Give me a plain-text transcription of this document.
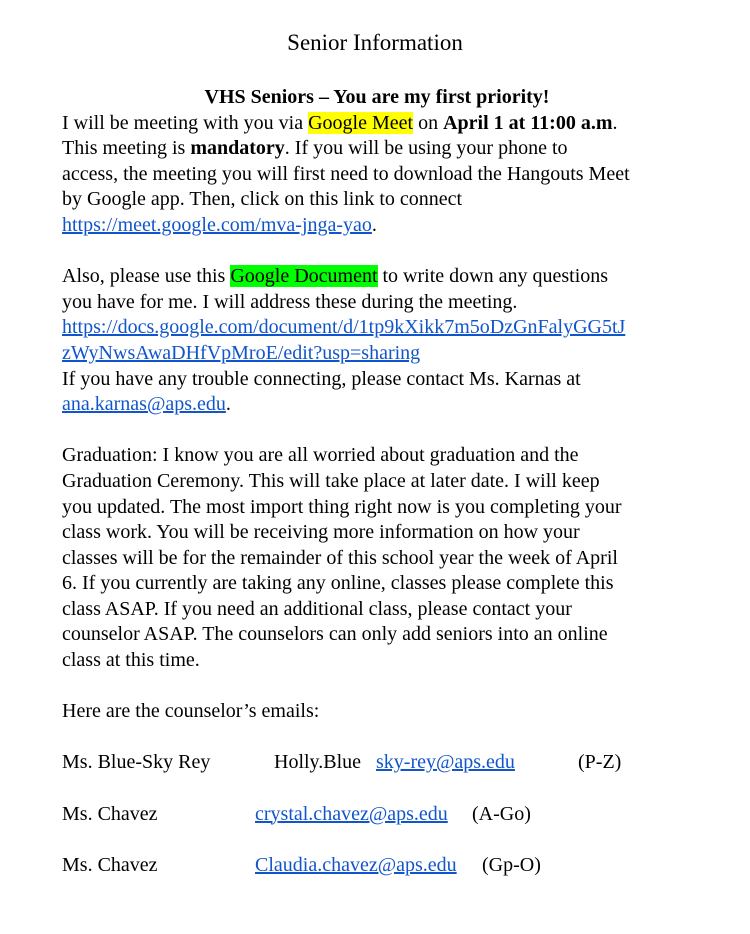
Senior Information
VHS Seniors – You are my first priority!
I will be meeting with you via Google Meet on April 1 at 11:00 a.m.
This meeting is mandatory. If you will be using your phone to
access, the meeting you will first need to download the Hangouts Meet
by Google app. Then, click on this link to connect
https://meet.google.com/mva-jnga-yao.
Also, please use this Google Document to write down any questions
you have for me. I will address these during the meeting.
https://docs.google.com/document/d/1tp9kXikk7m5oDzGnFalyGG5tJ
zWyNwsAwaDHfVpMroE/edit?usp=sharing
If you have any trouble connecting, please contact Ms. Karnas at
ana.karnas@aps.edu.
Graduation: I know you are all worried about graduation and the
Graduation Ceremony. This will take place at later date. I will keep
you updated. The most import thing right now is you completing your
class work. You will be receiving more information on how your
classes will be for the remainder of this school year the week of April
6. If you currently are taking any online, classes please complete this
class ASAP. If you need an additional class, please contact your
counselor ASAP. The counselors can only add seniors into an online
class at this time.
Here are the counselor’s emails:
Ms. Blue-Sky Rey	Holly.Blue sky-rey@aps.edu	(P-Z)
Ms. Chavez	crystal.chavez@aps.edu (A-Go)
Ms. Chavez	Claudia.chavez@aps.edu (Gp-O)
